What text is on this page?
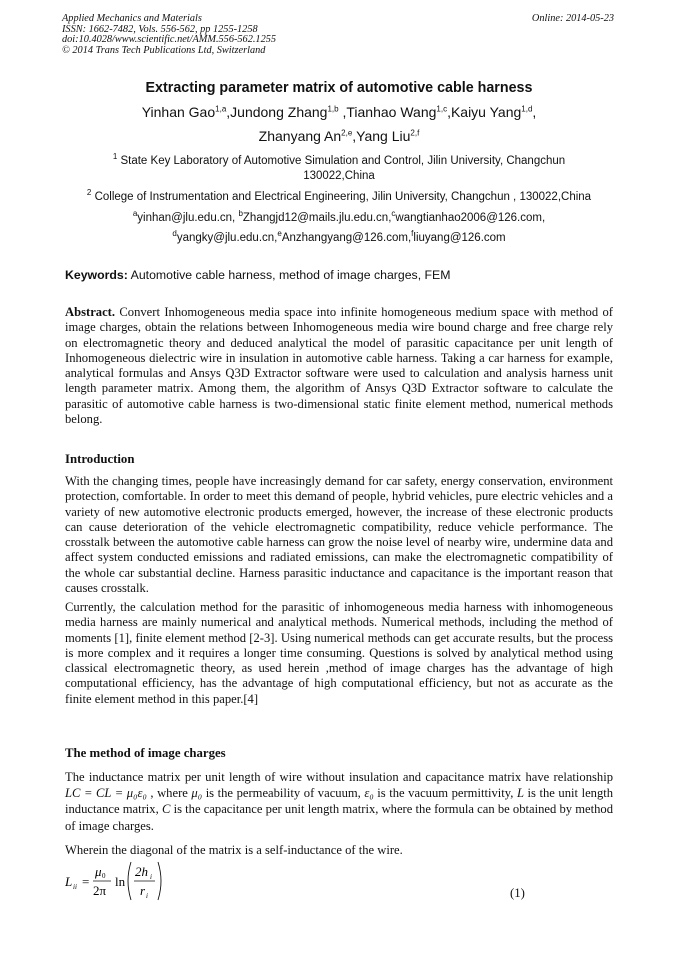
Applied Mechanics and Materials
ISSN: 1662-7482, Vols. 556-562, pp 1255-1258
doi:10.4028/www.scientific.net/AMM.556-562.1255
© 2014 Trans Tech Publications Ltd, Switzerland
Online: 2014-05-23
Extracting parameter matrix of automotive cable harness
Yinhan Gao$^{1,a}$,Jundong Zhang$^{1,b}$ ,Tianhao Wang$^{1,c}$,Kaiyu Yang$^{1,d}$,
Zhanyang An$^{2,e}$,Yang Liu$^{2,f}$
$^1$ State Key Laboratory of Automotive Simulation and Control, Jilin University, Changchun
130022,China
$^2$ College of Instrumentation and Electrical Engineering, Jilin University, Changchun , 130022,China
$^a$yinhan@jlu.edu.cn, $^b$Zhangjd12@mails.jlu.edu.cn,$^c$wangtianhao2006@126.com,
$^d$yangky@jlu.edu.cn,$^e$Anzhangyang@126.com,$^f$liuyang@126.com
Keywords: Automotive cable harness, method of image charges, FEM
Abstract. Convert Inhomogeneous media space into infinite homogeneous medium space with method of image charges, obtain the relations between Inhomogeneous media wire bound charge and free charge rely on electromagnetic theory and deduced analytical the model of parasitic capacitance per unit length of Inhomogeneous dielectric wire in insulation in automotive cable harness. Taking a car harness for example, analytical formulas and Ansys Q3D Extractor software were used to calculation and analysis harness unit length parameter matrix. Among them, the algorithm of Ansys Q3D Extractor software to calculate the parasitic of automotive cable harness is two-dimensional static finite element method, numerical methods belong.
Introduction
With the changing times, people have increasingly demand for car safety, energy conservation, environment protection, comfortable. In order to meet this demand of people, hybrid vehicles, pure electric vehicles and a variety of new automotive electronic products emerged, however, the increase of these electronic products can cause deterioration of the vehicle electromagnetic compatibility, reduce vehicle performance. The crosstalk between the automotive cable harness can grow the noise level of nearby wire, undermine data and affect system conducted emissions and radiated emissions, can make the electromagnetic compatibility of the whole car substantial decline. Harness parasitic inductance and capacitance is the important reason that causes crosstalk.
Currently, the calculation method for the parasitic of inhomogeneous media harness with inhomogeneous media harness are mainly numerical and analytical methods. Numerical methods, including the method of moments [1], finite element method [2-3]. Using numerical methods can get accurate results, but the process is more complex and it requires a longer time consuming. Questions is solved by analytical method using classical electromagnetic theory, as used herein ,method of image charges has the advantage of high computational efficiency, has the advantage of high computational efficiency, but not as accurate as the finite element method in this paper.[4]
The method of image charges
The inductance matrix per unit length of wire without insulation and capacitance matrix have relationship LC = CL = μ₀ε₀ , where μ₀ is the permeability of vacuum, ε₀ is the vacuum permittivity, L is the unit length inductance matrix, C is the capacitance per unit length matrix, where the formula can be obtained by method of image charges.
Wherein the diagonal of the matrix is a self-inductance of the wire.
L ii =
μ 0
2π
ln
2h i
r i	(1)
